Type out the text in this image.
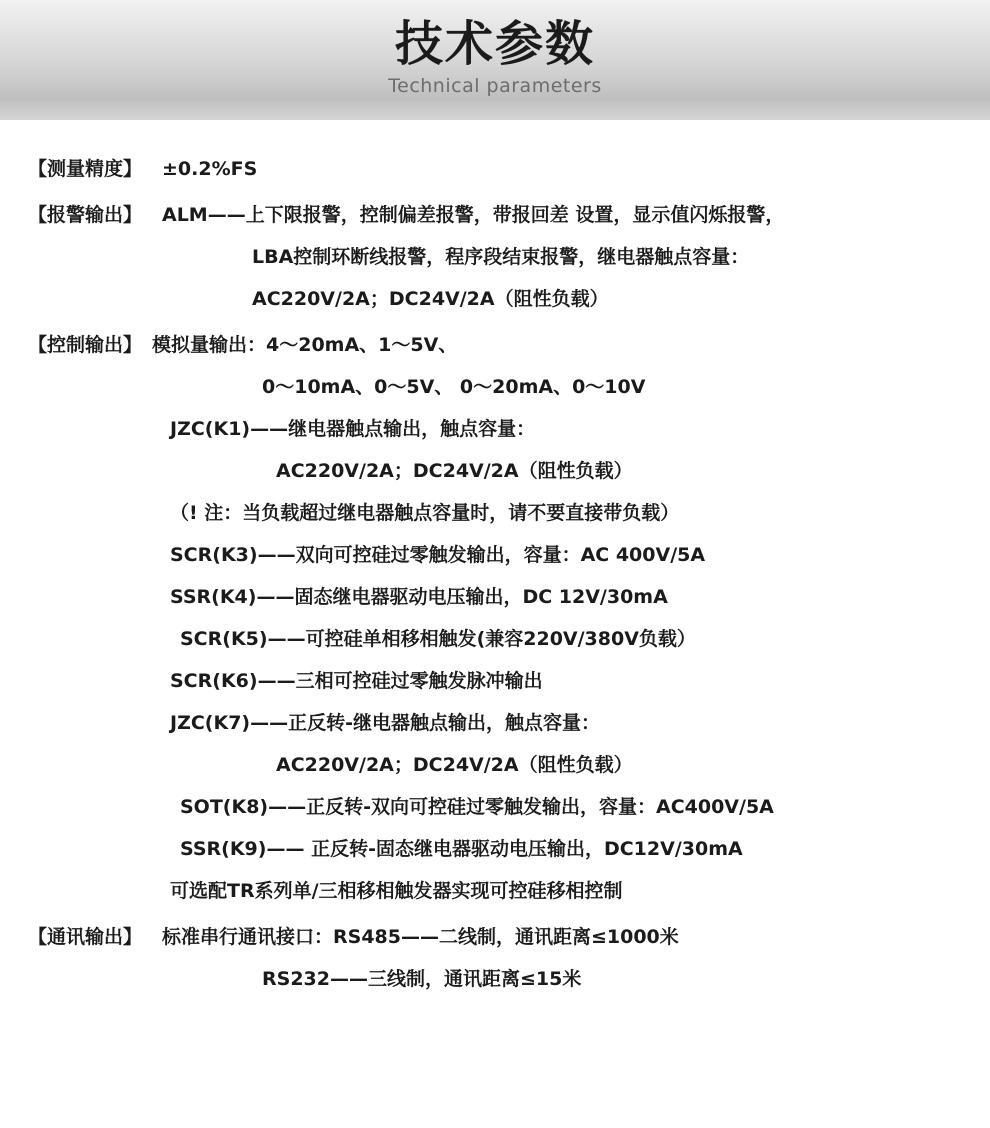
技术参数
Technical parameters
【测量精度】	±0.2%FS
【报警输出】	ALM——上下限报警，控制偏差报警，带报回差 设置，显示值闪烁报警，
LBA控制环断线报警，程序段结束报警，继电器触点容量：
AC220V/2A；DC24V/2A（阻性负载）
【控制输出】 模拟量输出：4～20mA、1～5V、
0～10mA、0～5V、 0～20mA、0～10V
JZC(K1)——继电器触点输出，触点容量：
AC220V/2A；DC24V/2A（阻性负载）
（! 注：当负载超过继电器触点容量时，请不要直接带负载）
SCR(K3)——双向可控硅过零触发输出，容量：AC 400V/5A
SSR(K4)——固态继电器驱动电压输出，DC 12V/30mA
SCR(K5)——可控硅单相移相触发(兼容220V/380V负载）
SCR(K6)——三相可控硅过零触发脉冲输出
JZC(K7)——正反转-继电器触点输出，触点容量：
AC220V/2A；DC24V/2A（阻性负载）
SOT(K8)——正反转-双向可控硅过零触发输出，容量：AC400V/5A
SSR(K9)—— 正反转-固态继电器驱动电压输出，DC12V/30mA
可选配TR系列单/三相移相触发器实现可控硅移相控制
【通讯输出】	标准串行通讯接口：RS485——二线制，通讯距离≤1000米
RS232——三线制，通讯距离≤15米
